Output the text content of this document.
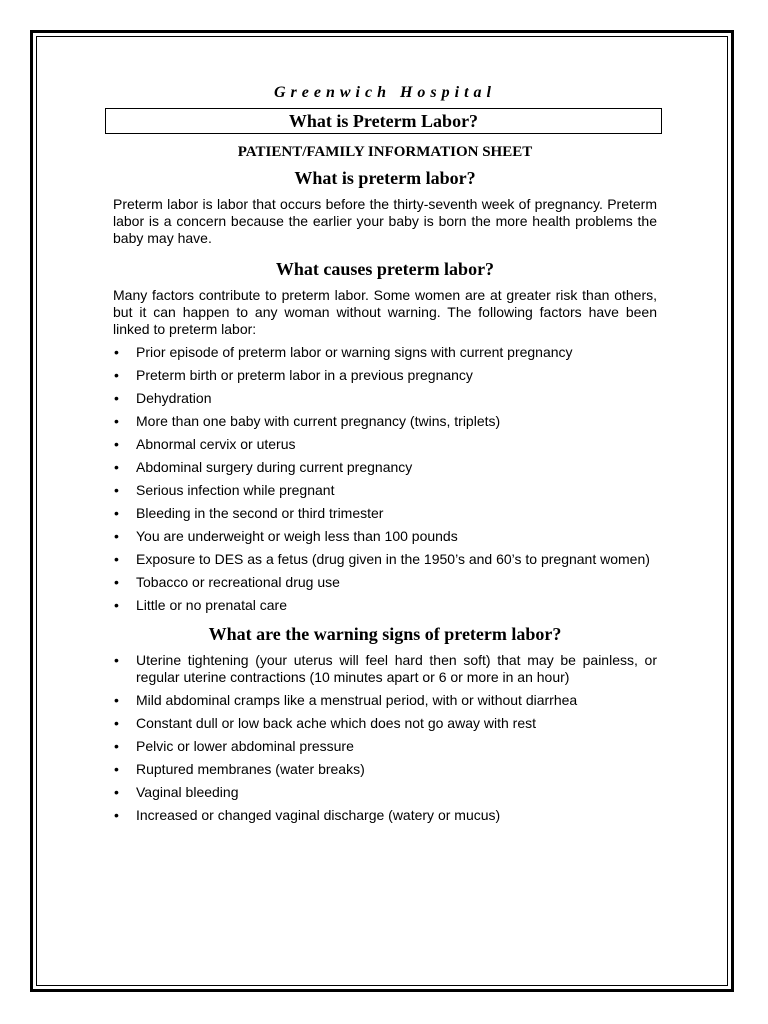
Greenwich Hospital
What is Preterm Labor?
PATIENT/FAMILY INFORMATION SHEET
What is preterm labor?

Preterm labor is labor that occurs before the thirty-seventh week of pregnancy. Preterm labor is a concern because the earlier your baby is born the more health problems the baby may have.

What causes preterm labor?

Many factors contribute to preterm labor. Some women are at greater risk than others, but it can happen to any woman without warning. The following factors have been linked to preterm labor:

• Prior episode of preterm labor or warning signs with current pregnancy
• Preterm birth or preterm labor in a previous pregnancy
• Dehydration
• More than one baby with current pregnancy (twins, triplets)
• Abnormal cervix or uterus
• Abdominal surgery during current pregnancy
• Serious infection while pregnant
• Bleeding in the second or third trimester
• You are underweight or weigh less than 100 pounds
• Exposure to DES as a fetus (drug given in the 1950’s and 60’s to pregnant women)
• Tobacco or recreational drug use
• Little or no prenatal care
What are the warning signs of preterm labor?
• Uterine tightening (your uterus will feel hard then soft) that may be painless, or regular uterine contractions (10 minutes apart or 6 or more in an hour)
• Mild abdominal cramps like a menstrual period, with or without diarrhea
• Constant dull or low back ache which does not go away with rest
• Pelvic or lower abdominal pressure
• Ruptured membranes (water breaks)
• Vaginal bleeding
• Increased or changed vaginal discharge (watery or mucus)
